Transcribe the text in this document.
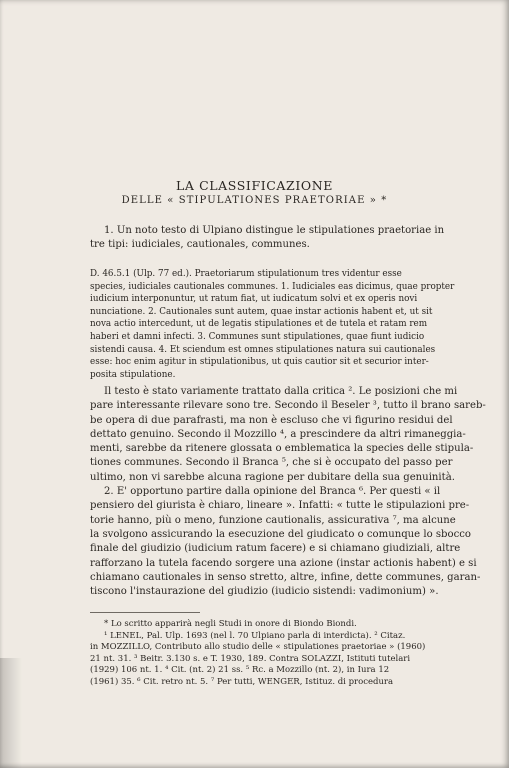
LA CLASSIFICAZIONE
DELLE « STIPULATIONES PRAETORIAE » *
1. Un noto testo di Ulpiano distingue le stipulationes praetoriae in
tre tipi: iudiciales, cautionales, communes.
D. 46.5.1 (Ulp. 77 ed.). Praetoriarum stipulationum tres videntur esse
species, iudiciales cautionales communes. 1. Iudiciales eas dicimus, quae propter
iudicium interponuntur, ut ratum fiat, ut iudicatum solvi et ex operis novi
nunciatione. 2. Cautionales sunt autem, quae instar actionis habent et, ut sit
nova actio intercedunt, ut de legatis stipulationes et de tutela et ratam rem
haberi et damni infecti. 3. Communes sunt stipulationes, quae fiunt iudicio
sistendi causa. 4. Et sciendum est omnes stipulationes natura sui cautionales
esse: hoc enim agitur in stipulationibus, ut quis cautior sit et securior inter-
posita stipulatione.
Il testo è stato variamente trattato dalla critica ². Le posizioni che mi
pare interessante rilevare sono tre. Secondo il Beseler ³, tutto il brano sareb-
be opera di due parafrasti, ma non è escluso che vi figurino residui del
dettato genuino. Secondo il Mozzillo ⁴, a prescindere da altri rimaneggia-
menti, sarebbe da ritenere glossata o emblematica la species delle stipula-
tiones communes. Secondo il Branca ⁵, che si è occupato del passo per
ultimo, non vi sarebbe alcuna ragione per dubitare della sua genuinità.
2. E' opportuno partire dalla opinione del Branca ⁶. Per questi « il
pensiero del giurista è chiaro, lineare ». Infatti: « tutte le stipulazioni pre-
torie hanno, più o meno, funzione cautionalis, assicurativa ⁷, ma alcune
la svolgono assicurando la esecuzione del giudicato o comunque lo sbocco
finale del giudizio (iudicium ratum facere) e si chiamano giudiziali, altre
rafforzano la tutela facendo sorgere una azione (instar actionis habent) e si
chiamano cautionales in senso stretto, altre, infine, dette communes, garan-
tiscono l'instaurazione del giudizio (iudicio sistendi: vadimonium) ».
* Lo scritto apparirà negli Studi in onore di Biondo Biondi.
¹ LENEL, Pal. Ulp. 1693 (nel l. 70 Ulpiano parla di interdicta). ² Citaz.
in MOZZILLO, Contributo allo studio delle « stipulationes praetoriae » (1960)
21 nt. 31. ³ Beitr. 3.130 s. e T. 1930, 189. Contra SOLAZZI, Istituti tutelari
(1929) 106 nt. 1. ⁴ Cit. (nt. 2) 21 ss. ⁵ Rc. a Mozzillo (nt. 2), in Iura 12
(1961) 35. ⁶ Cit. retro nt. 5. ⁷ Per tutti, WENGER, Istituz. di procedura
